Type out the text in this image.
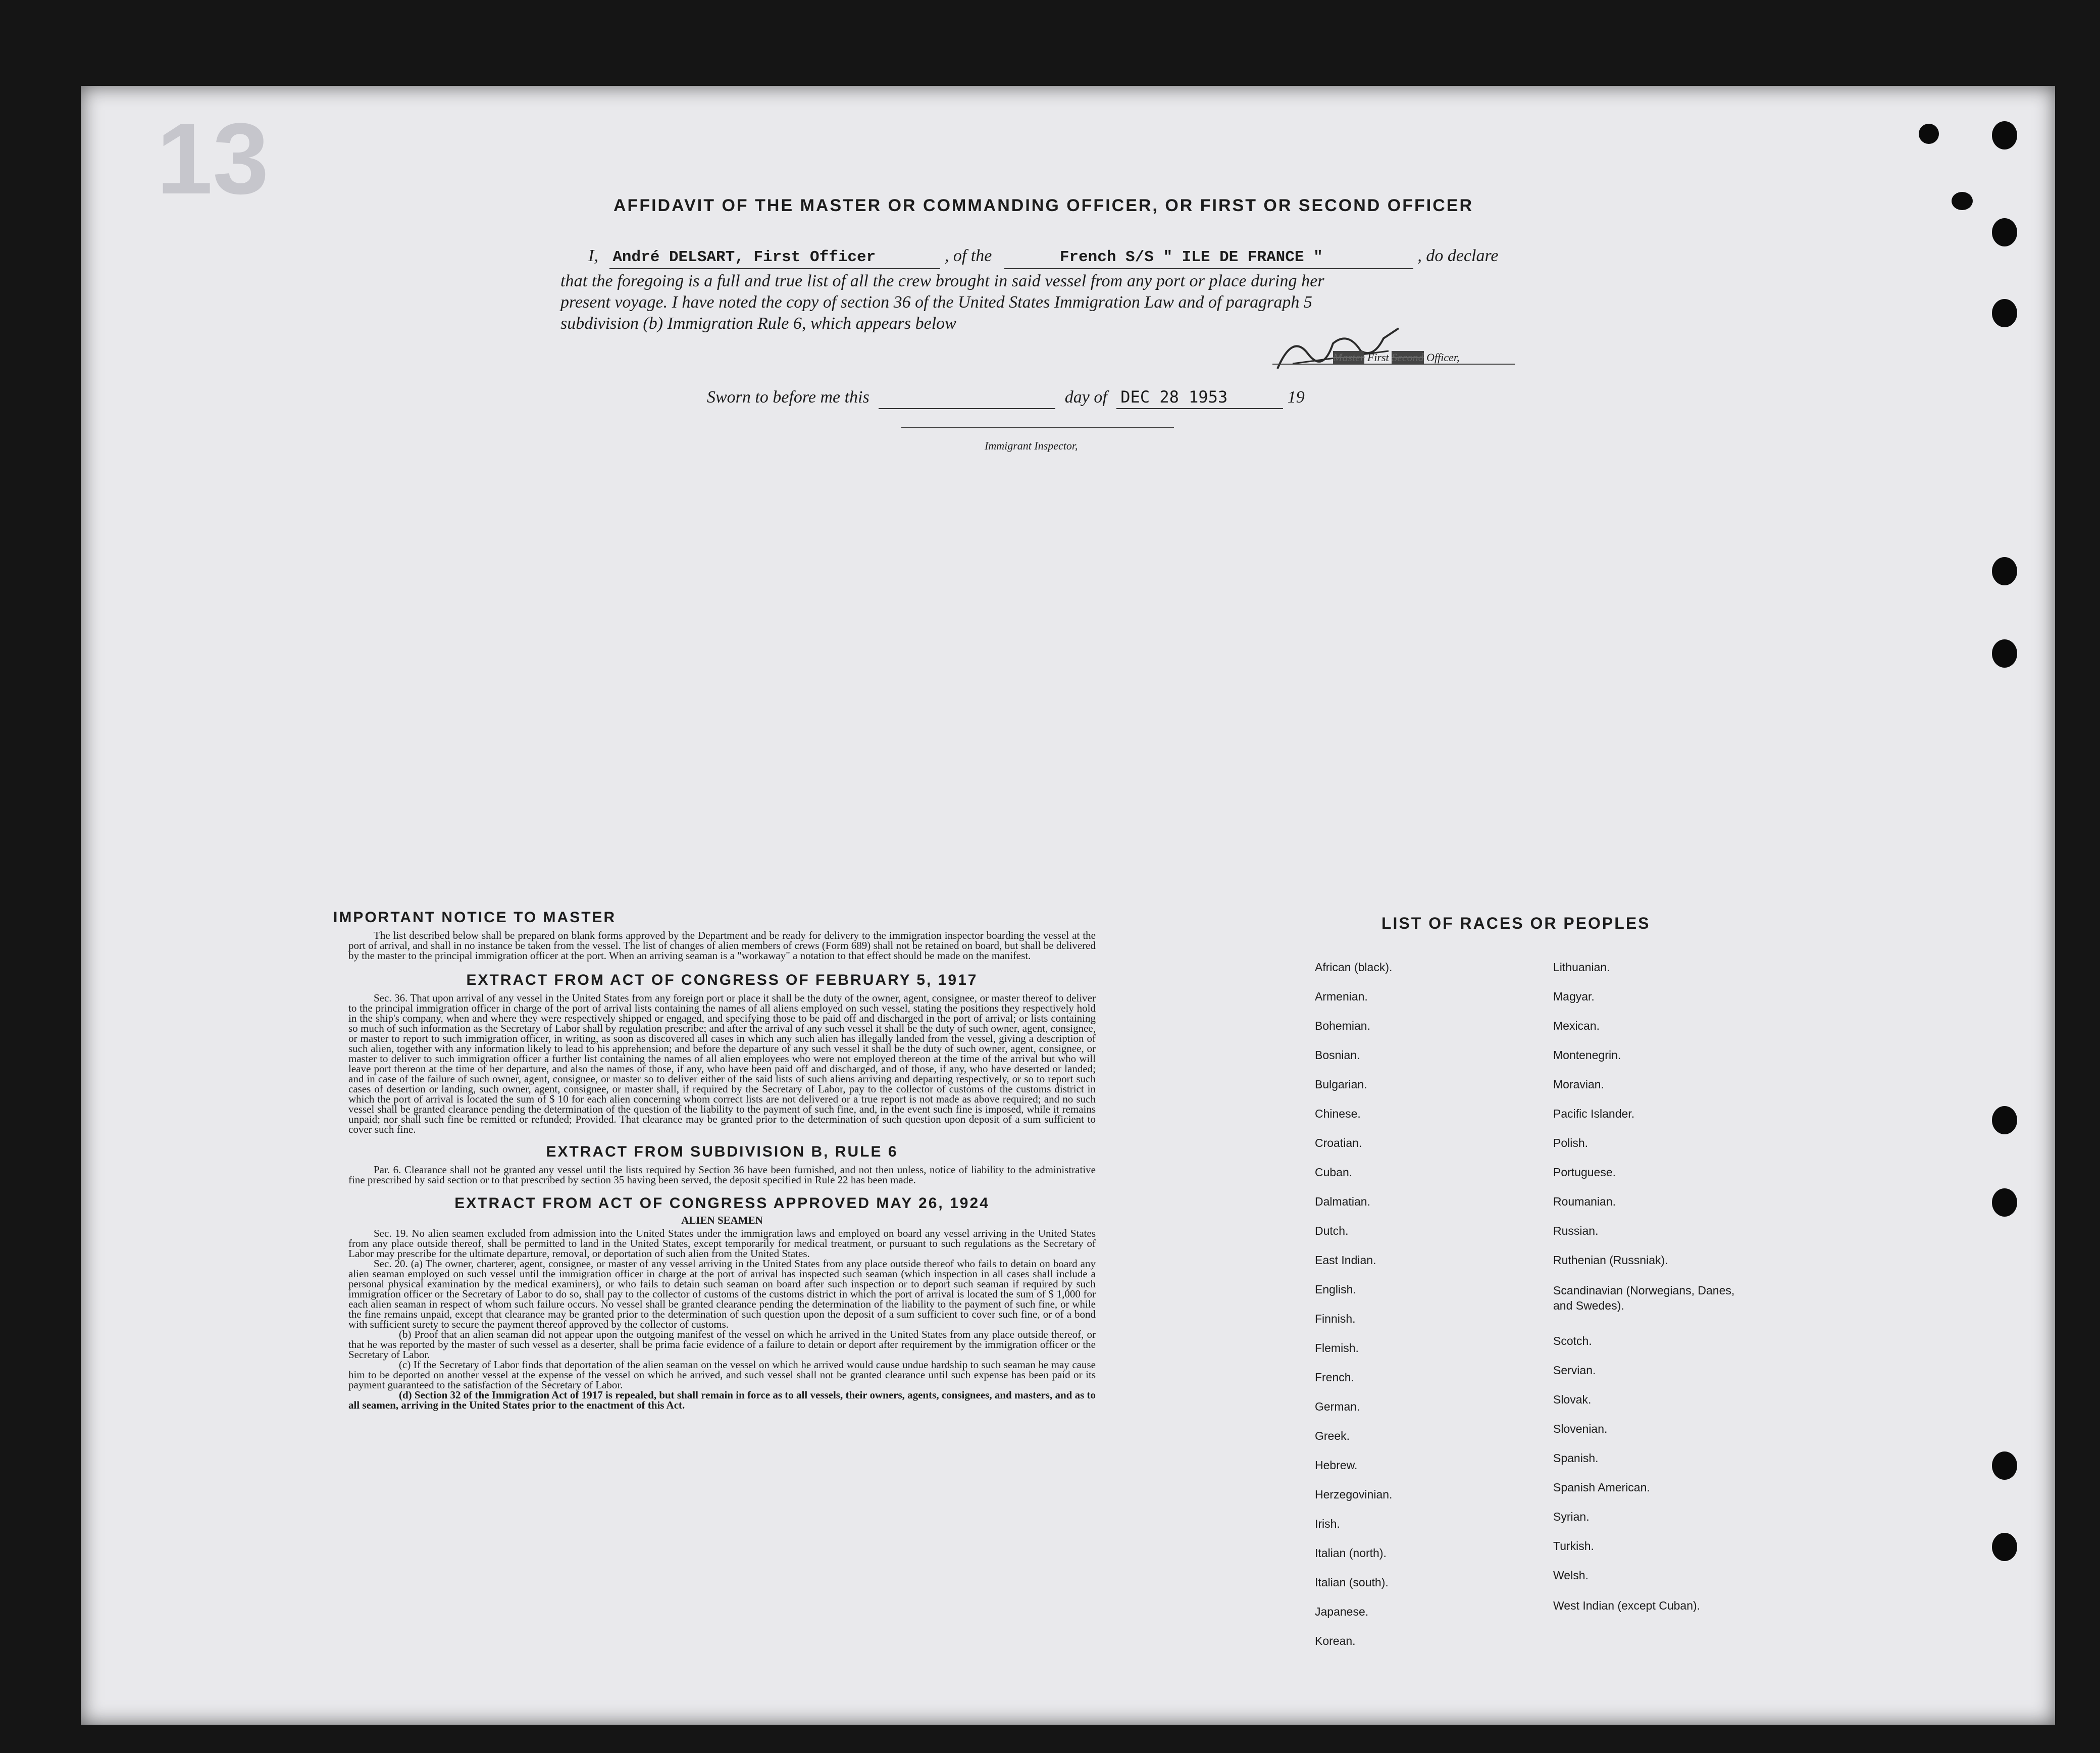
13	AFFIDAVIT OF THE MASTER OR COMMANDING OFFICER, OR FIRST OR SECOND OFFICER
I, André DELSART, First Officer	, of the	French S/S " ILE DE FRANCE "	, do declare
that the foregoing is a full and true list of all the crew brought in said vessel from any port or place during her
present voyage. I have noted the copy of section 36 of the United States Immigration Law and of paragraph 5
subdivision (b) Immigration Rule 6, which appears below
Master First Second Officer,
Sworn to before me this	day of DEC 28 1953	19
Immigrant Inspector,
IMPORTANT NOTICE TO MASTER
The list described below shall be prepared on blank forms approved by the Department and be ready for delivery to the immigration inspector boarding the vessel at the port of arrival, and shall in no instance be taken from the vessel. The list of changes of alien members of crews (Form 689) shall not be retained on board, but shall be delivered by the master to the principal immigration officer at the port. When an arriving seaman is a "workaway" a notation to that effect should be made on the manifest.
EXTRACT FROM ACT OF CONGRESS OF FEBRUARY 5, 1917
Sec. 36. That upon arrival of any vessel in the United States from any foreign port or place it shall be the duty of the owner, agent, consignee, or master thereof to deliver to the principal immigration officer in charge of the port of arrival lists containing the names of all aliens employed on such vessel, stating the positions they respectively hold in the ship's company, when and where they were respectively shipped or engaged, and specifying those to be paid off and discharged in the port of arrival; or lists containing so much of such information as the Secretary of Labor shall by regulation prescribe; and after the arrival of any such vessel it shall be the duty of such owner, agent, consignee, or master to report to such immigration officer, in writing, as soon as discovered all cases in which any such alien has illegally landed from the vessel, giving a description of such alien, together with any information likely to lead to his apprehension; and before the departure of any such vessel it shall be the duty of such owner, agent, consignee, or master to deliver to such immigration officer a further list containing the names of all alien employees who were not employed thereon at the time of the arrival but who will leave port thereon at the time of her departure, and also the names of those, if any, who have been paid off and discharged, and of those, if any, who have deserted or landed; and in case of the failure of such owner, agent, consignee, or master so to deliver either of the said lists of such aliens arriving and departing respectively, or so to report such cases of desertion or landing, such owner, agent, consignee, or master shall, if required by the Secretary of Labor, pay to the collector of customs of the customs district in which the port of arrival is located the sum of $ 10 for each alien concerning whom correct lists are not delivered or a true report is not made as above required; and no such vessel shall be granted clearance pending the determination of the question of the liability to the payment of such fine, and, in the event such fine is imposed, while it remains unpaid; nor shall such fine be remitted or refunded; Provided. That clearance may be granted prior to the determination of such question upon deposit of a sum sufficient to cover such fine.
EXTRACT FROM SUBDIVISION B, RULE 6
Par. 6. Clearance shall not be granted any vessel until the lists required by Section 36 have been furnished, and not then unless, notice of liability to the administrative fine prescribed by said section or to that prescribed by section 35 having been served, the deposit specified in Rule 22 has been made.
EXTRACT FROM ACT OF CONGRESS APPROVED MAY 26, 1924
ALIEN SEAMEN
Sec. 19. No alien seamen excluded from admission into the United States under the immigration laws and employed on board any vessel arriving in the United States from any place outside thereof, shall be permitted to land in the United States, except temporarily for medical treatment, or pursuant to such regulations as the Secretary of Labor may prescribe for the ultimate departure, removal, or deportation of such alien from the United States.
Sec. 20. (a) The owner, charterer, agent, consignee, or master of any vessel arriving in the United States from any place outside thereof who fails to detain on board any alien seaman employed on such vessel until the immigration officer in charge at the port of arrival has inspected such seaman (which inspection in all cases shall include a personal physical examination by the medical examiners), or who fails to detain such seaman on board after such inspection or to deport such seaman if required by such immigration officer or the Secretary of Labor to do so, shall pay to the collector of customs of the customs district in which the port of arrival is located the sum of $ 1,000 for each alien seaman in respect of whom such failure occurs. No vessel shall be granted clearance pending the determination of the liability to the payment of such fine, or while the fine remains unpaid, except that clearance may be granted prior to the determination of such question upon the deposit of a sum sufficient to cover such fine, or of a bond with sufficient surety to secure the payment thereof approved by the collector of customs.
(b) Proof that an alien seaman did not appear upon the outgoing manifest of the vessel on which he arrived in the United States from any place outside thereof, or that he was reported by the master of such vessel as a deserter, shall be prima facie evidence of a failure to detain or deport after requirement by the immigration officer or the Secretary of Labor.
(c) If the Secretary of Labor finds that deportation of the alien seaman on the vessel on which he arrived would cause undue hardship to such seaman he may cause him to be deported on another vessel at the expense of the vessel on which he arrived, and such vessel shall not be granted clearance until such expense has been paid or its payment guaranteed to the satisfaction of the Secretary of Labor.
(d) Section 32 of the Immigration Act of 1917 is repealed, but shall remain in force as to all vessels, their owners, agents, consignees, and masters, and as to all seamen, arriving in the United States prior to the enactment of this Act.
LIST OF RACES OR PEOPLES
African (black).
Armenian.
Bohemian.
Bosnian.
Bulgarian.
Chinese.
Croatian.
Cuban.
Dalmatian.
Dutch.
East Indian.
English.
Finnish.
Flemish.
French.
German.
Greek.
Hebrew.
Herzegovinian.
Irish.
Italian (north).
Italian (south).
Japanese.
Korean.
Lithuanian.
Magyar.
Mexican.
Montenegrin.
Moravian.
Pacific Islander.
Polish.
Portuguese.
Roumanian.
Russian.
Ruthenian (Russniak).
Scandinavian (Norwegians, Danes, and Swedes).
Scotch.
Servian.
Slovak.
Slovenian.
Spanish.
Spanish American.
Syrian.
Turkish.
Welsh.
West Indian (except Cuban).
